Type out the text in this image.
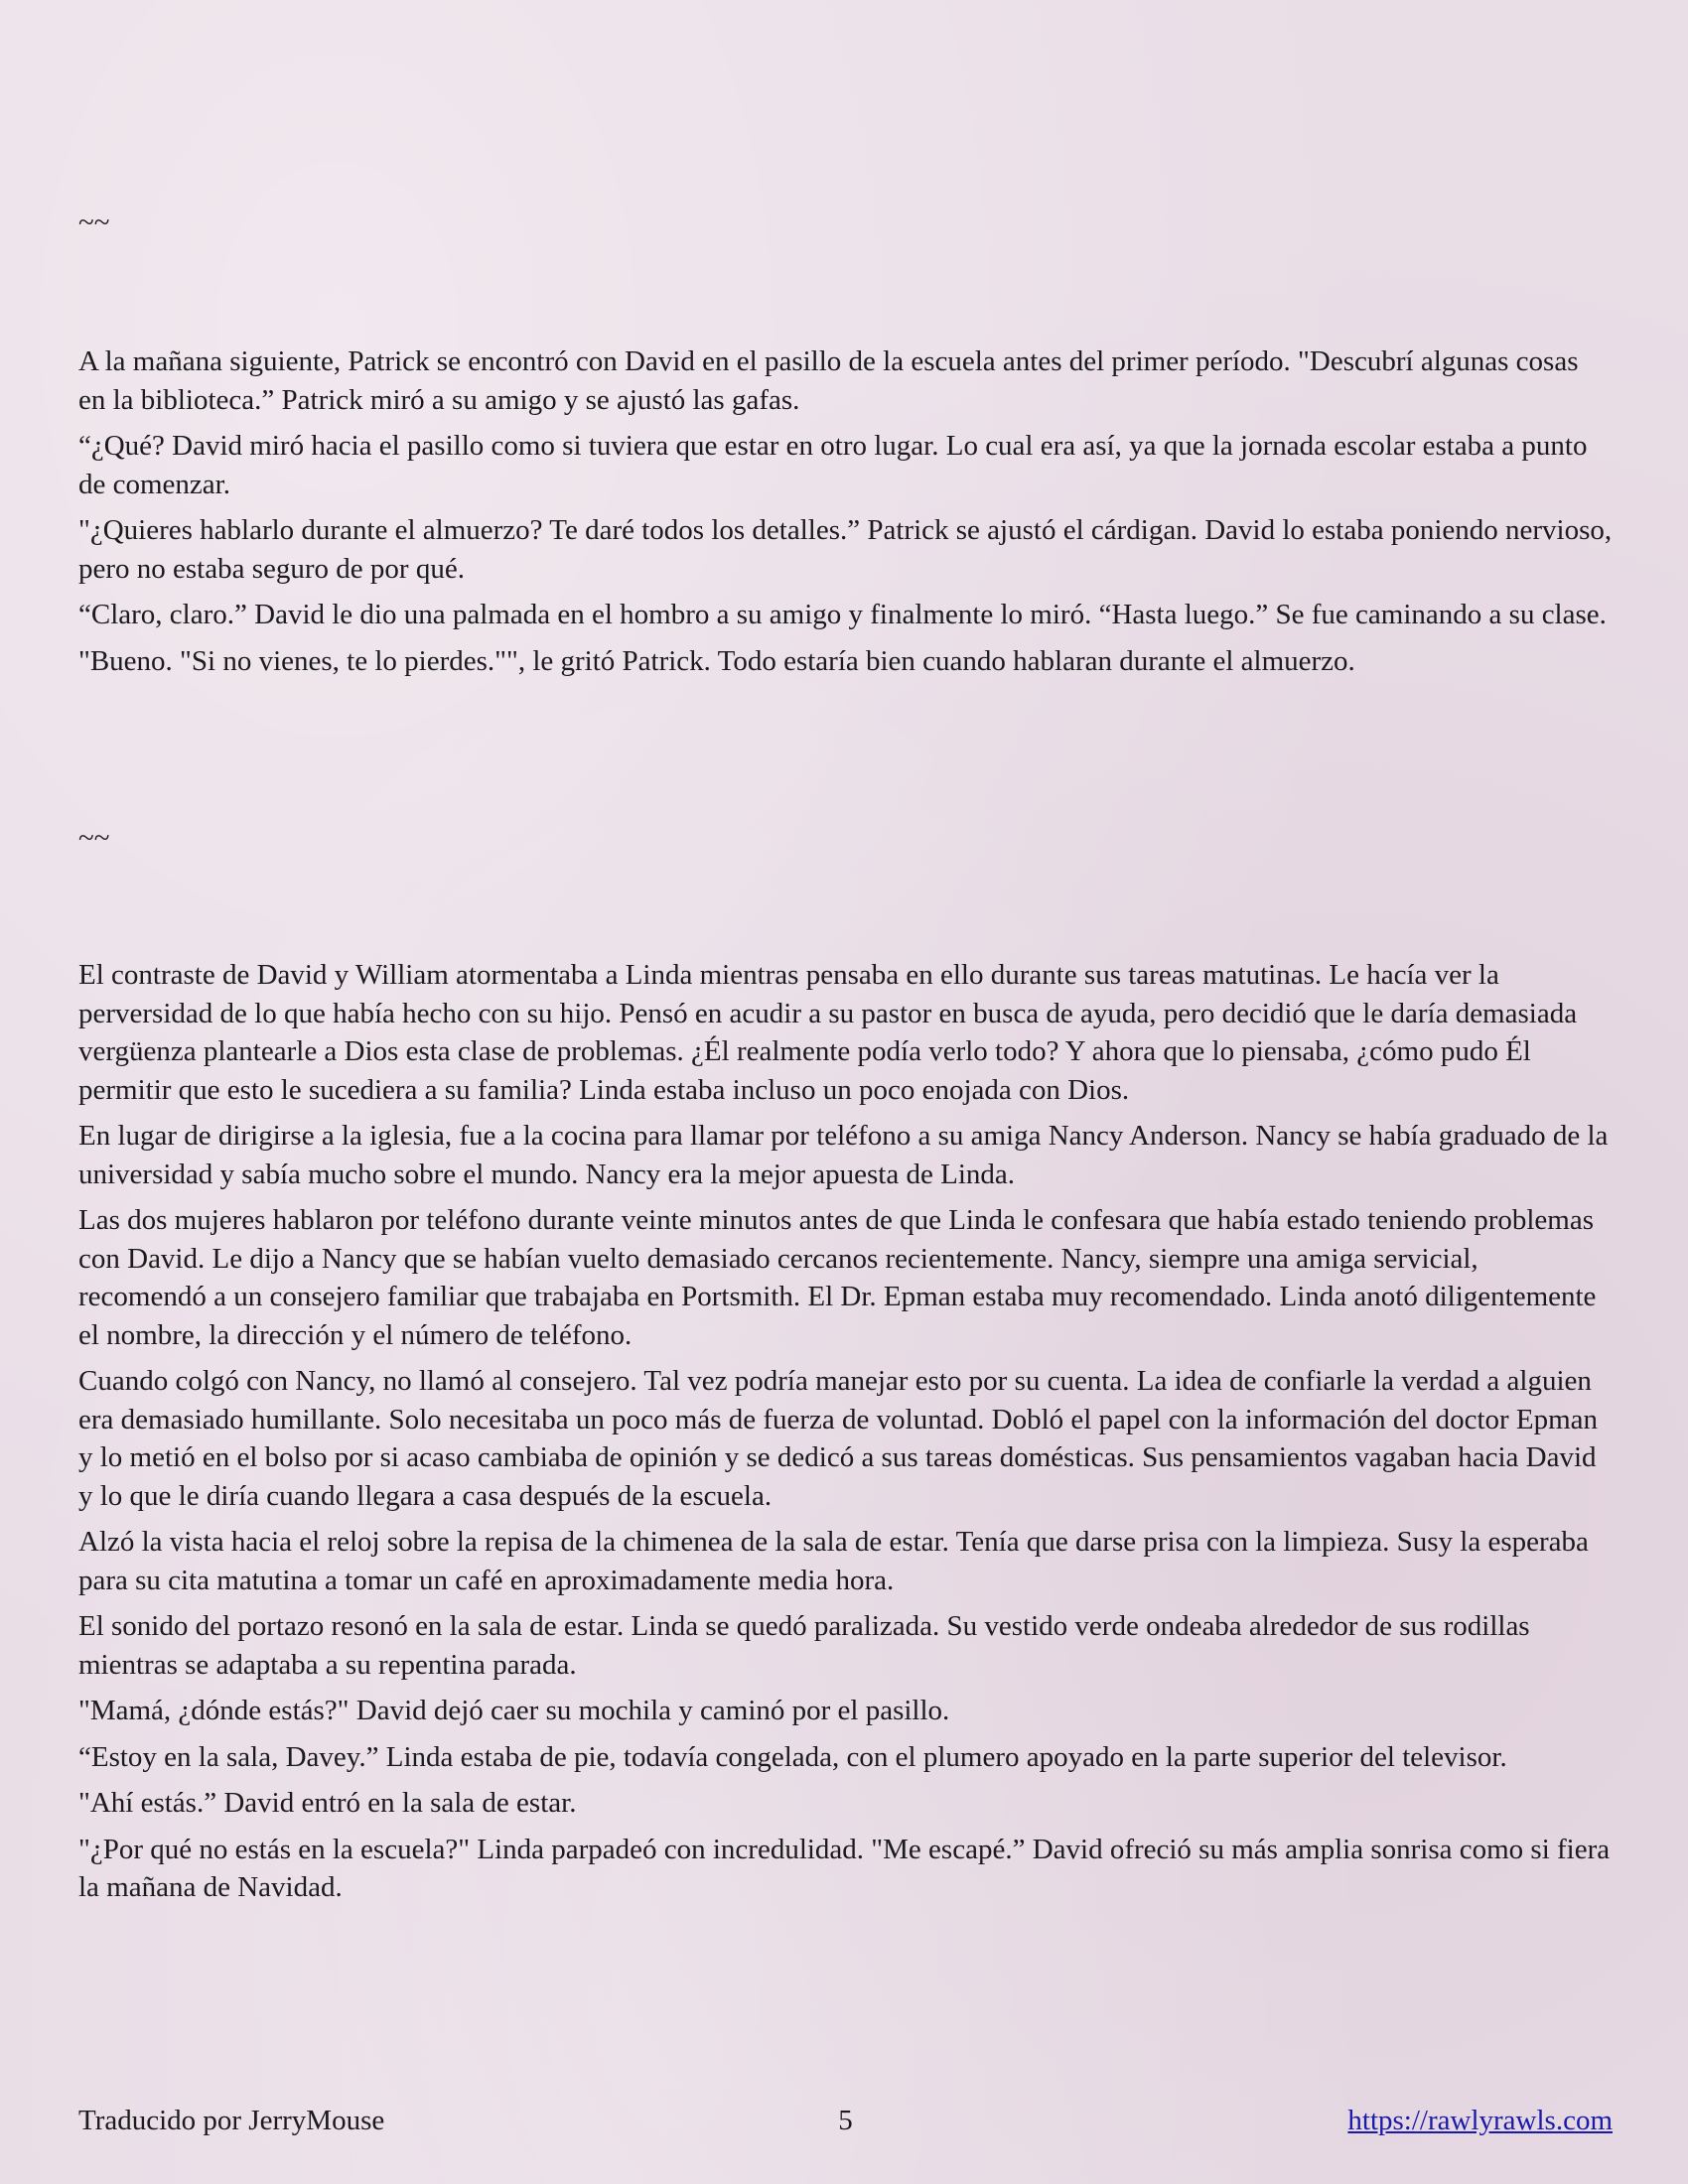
~~

A la mañana siguiente, Patrick se encontró con David en el pasillo de la escuela antes del primer período. "Descubrí algunas cosas en la biblioteca.” Patrick miró a su amigo y se ajustó las gafas.

“¿Qué? David miró hacia el pasillo como si tuviera que estar en otro lugar. Lo cual era así, ya que la jornada escolar estaba a punto de comenzar.

"¿Quieres hablarlo durante el almuerzo? Te daré todos los detalles.” Patrick se ajustó el cárdigan. David lo estaba poniendo nervioso, pero no estaba seguro de por qué.

“Claro, claro.” David le dio una palmada en el hombro a su amigo y finalmente lo miró. “Hasta luego.” Se fue caminando a su clase.

"Bueno. "Si no vienes, te lo pierdes."", le gritó Patrick. Todo estaría bien cuando hablaran durante el almuerzo.

~~

El contraste de David y William atormentaba a Linda mientras pensaba en ello durante sus tareas matutinas. Le hacía ver la perversidad de lo que había hecho con su hijo. Pensó en acudir a su pastor en busca de ayuda, pero decidió que le daría demasiada vergüenza plantearle a Dios esta clase de problemas. ¿Él realmente podía verlo todo? Y ahora que lo piensaba, ¿cómo pudo Él permitir que esto le sucediera a su familia? Linda estaba incluso un poco enojada con Dios.

En lugar de dirigirse a la iglesia, fue a la cocina para llamar por teléfono a su amiga Nancy Anderson. Nancy se había graduado de la universidad y sabía mucho sobre el mundo. Nancy era la mejor apuesta de Linda.

Las dos mujeres hablaron por teléfono durante veinte minutos antes de que Linda le confesara que había estado teniendo problemas con David. Le dijo a Nancy que se habían vuelto demasiado cercanos recientemente. Nancy, siempre una amiga servicial, recomendó a un consejero familiar que trabajaba en Portsmith. El Dr. Epman estaba muy recomendado. Linda anotó diligentemente el nombre, la dirección y el número de teléfono.

Cuando colgó con Nancy, no llamó al consejero. Tal vez podría manejar esto por su cuenta. La idea de confiarle la verdad a alguien era demasiado humillante. Solo necesitaba un poco más de fuerza de voluntad. Dobló el papel con la información del doctor Epman y lo metió en el bolso por si acaso cambiaba de opinión y se dedicó a sus tareas domésticas. Sus pensamientos vagaban hacia David y lo que le diría cuando llegara a casa después de la escuela.

Alzó la vista hacia el reloj sobre la repisa de la chimenea de la sala de estar. Tenía que darse prisa con la limpieza. Susy la esperaba para su cita matutina a tomar un café en aproximadamente media hora.

El sonido del portazo resonó en la sala de estar. Linda se quedó paralizada. Su vestido verde ondeaba alrededor de sus rodillas mientras se adaptaba a su repentina parada.

"Mamá, ¿dónde estás?" David dejó caer su mochila y caminó por el pasillo.

“Estoy en la sala, Davey.” Linda estaba de pie, todavía congelada, con el plumero apoyado en la parte superior del televisor.

"Ahí estás.” David entró en la sala de estar.

"¿Por qué no estás en la escuela?" Linda parpadeó con incredulidad. "Me escapé.” David ofreció su más amplia sonrisa como si fiera la mañana de Navidad.

Traducido por JerryMouse	5	https://rawlyrawls.com
